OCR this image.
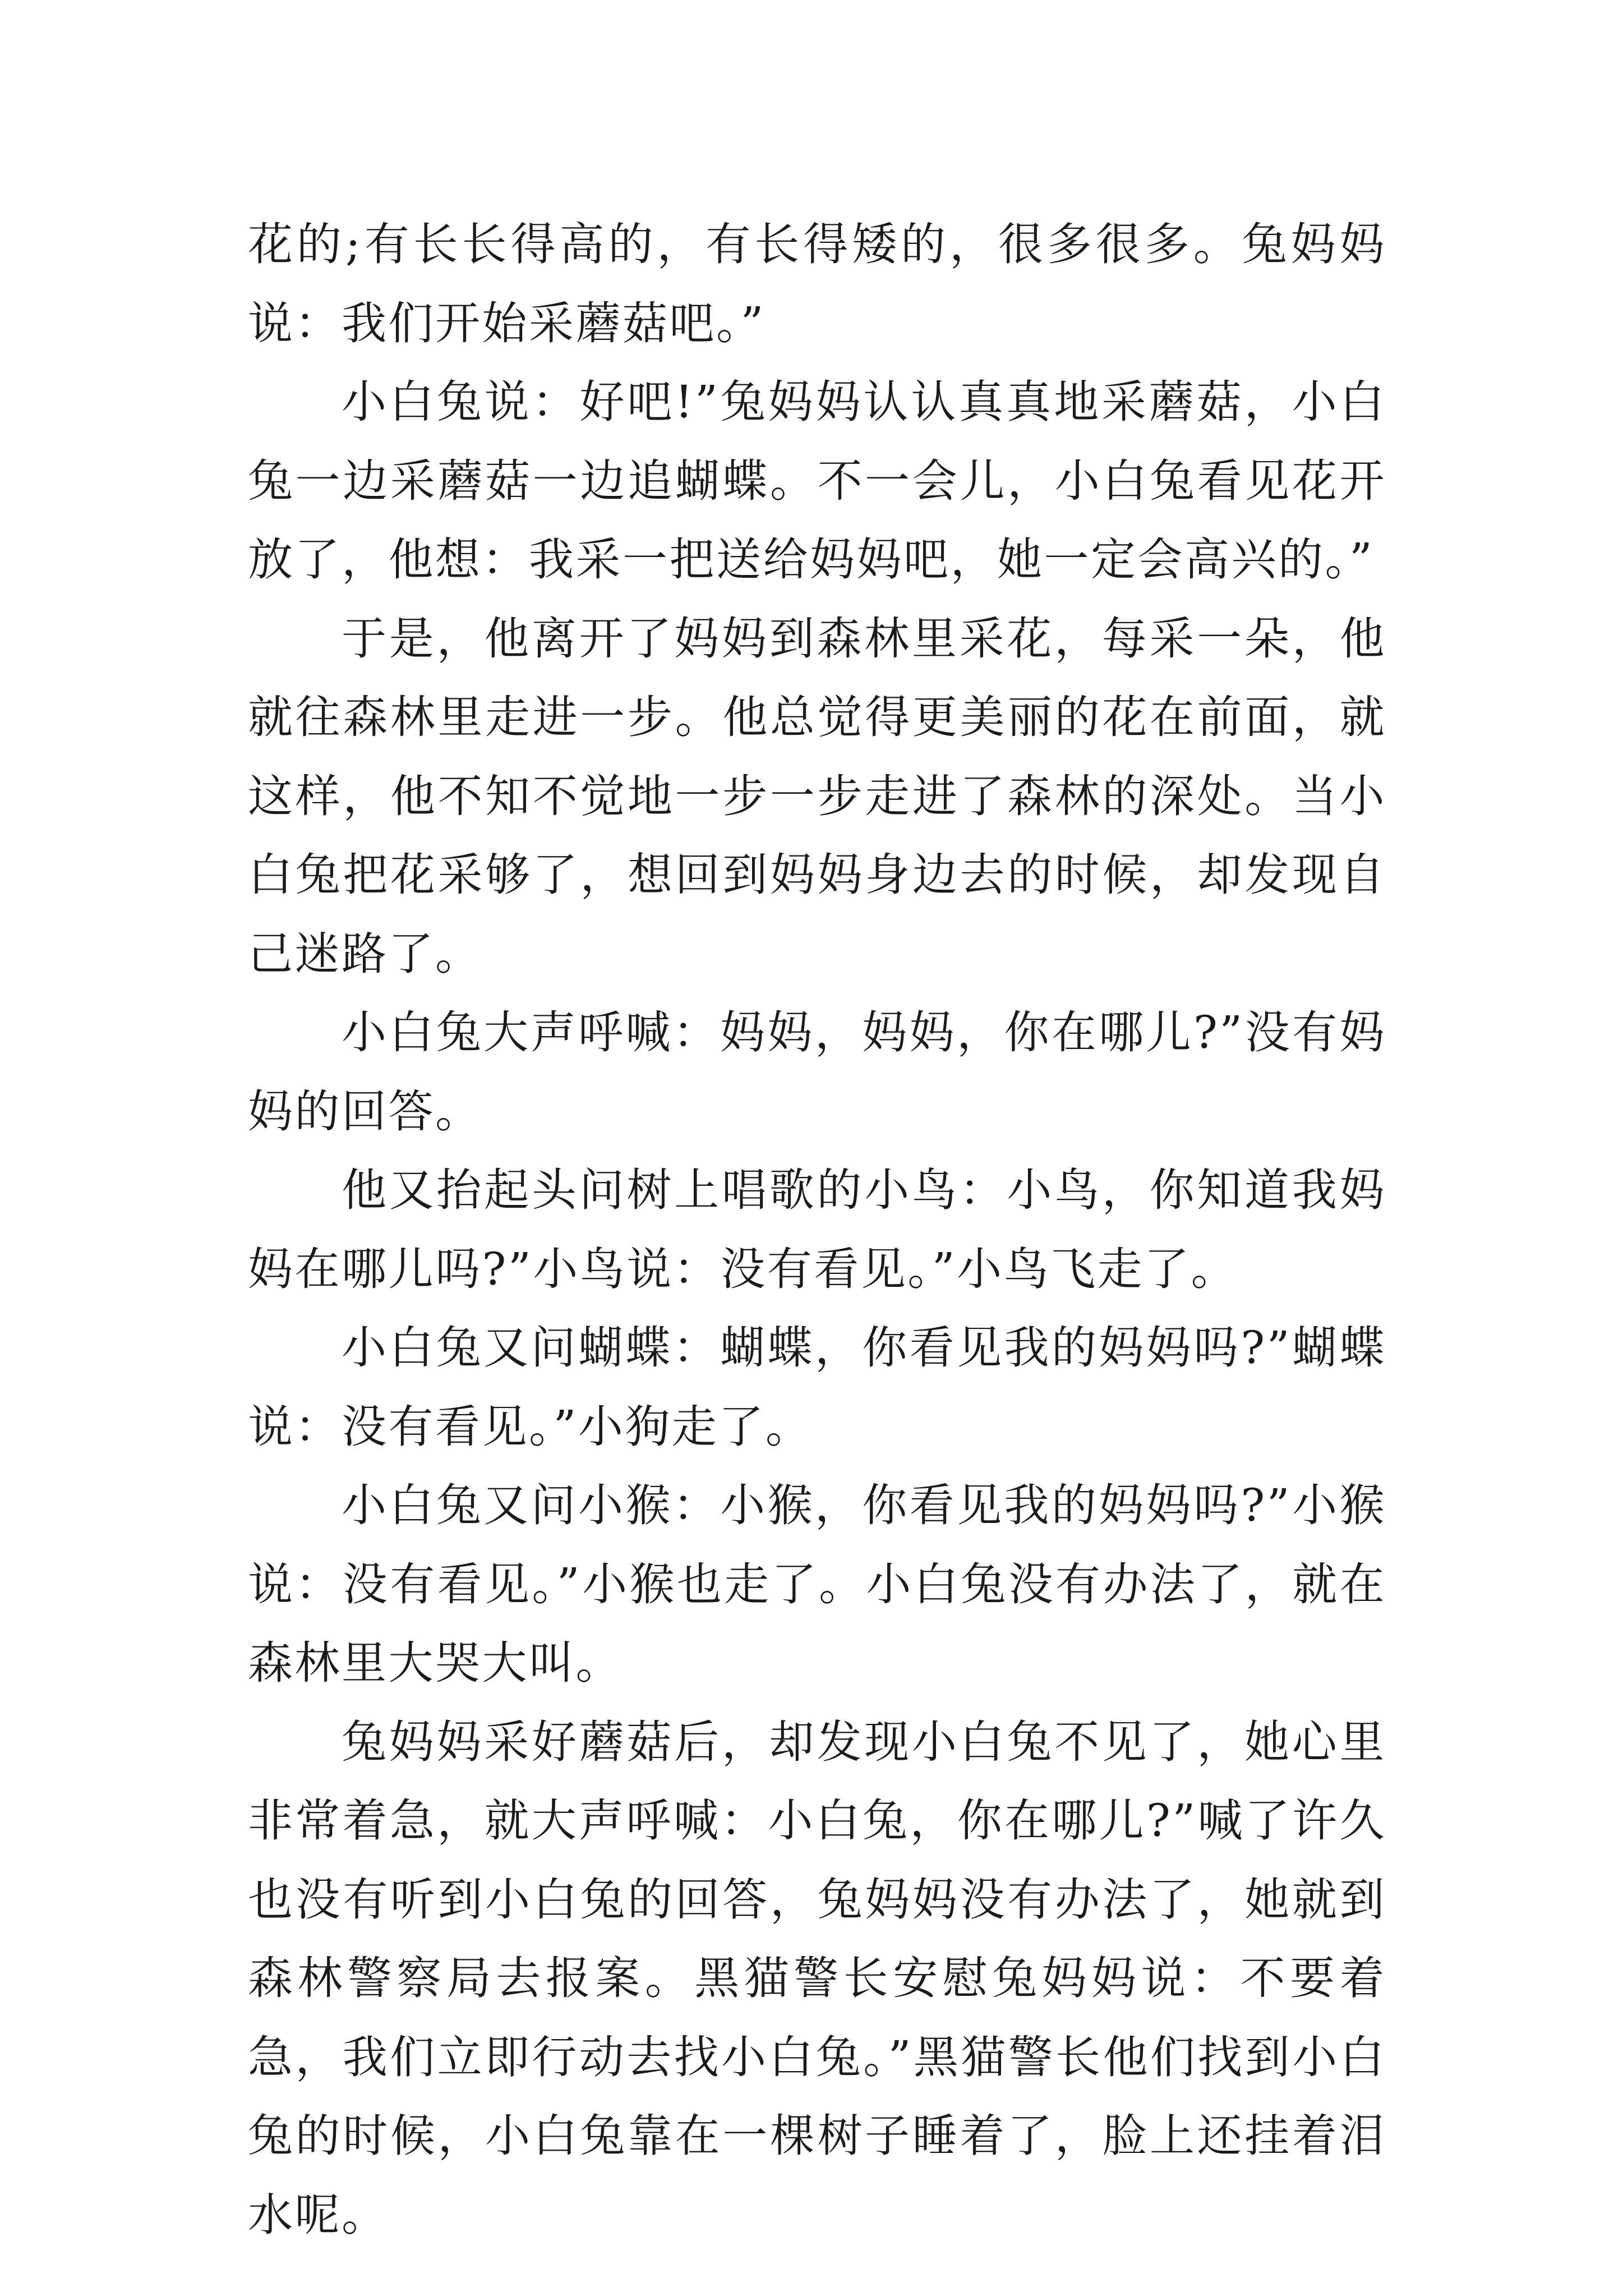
花的;有长长得高的，有长得矮的，很多很多。兔妈妈说：我们开始采蘑菇吧。”

小白兔说：好吧!”兔妈妈认认真真地采蘑菇，小白兔一边采蘑菇一边追蝴蝶。不一会儿，小白兔看见花开放了，他想：我采一把送给妈妈吧，她一定会高兴的。”

于是，他离开了妈妈到森林里采花，每采一朵，他就往森林里走进一步。他总觉得更美丽的花在前面，就这样，他不知不觉地一步一步走进了森林的深处。当小白兔把花采够了，想回到妈妈身边去的时候，却发现自己迷路了。

小白兔大声呼喊：妈妈，妈妈，你在哪儿?”没有妈妈的回答。

他又抬起头问树上唱歌的小鸟：小鸟，你知道我妈妈在哪儿吗?”小鸟说：没有看见。”小鸟飞走了。

小白兔又问蝴蝶：蝴蝶，你看见我的妈妈吗?”蝴蝶说：没有看见。”小狗走了。

小白兔又问小猴：小猴，你看见我的妈妈吗?”小猴说：没有看见。”小猴也走了。小白兔没有办法了，就在森林里大哭大叫。

兔妈妈采好蘑菇后，却发现小白兔不见了，她心里非常着急，就大声呼喊：小白兔，你在哪儿?”喊了许久也没有听到小白兔的回答，兔妈妈没有办法了，她就到森林警察局去报案。黑猫警长安慰兔妈妈说：不要着急，我们立即行动去找小白兔。”黑猫警长他们找到小白兔的时候，小白兔靠在一棵树子睡着了，脸上还挂着泪水呢。
